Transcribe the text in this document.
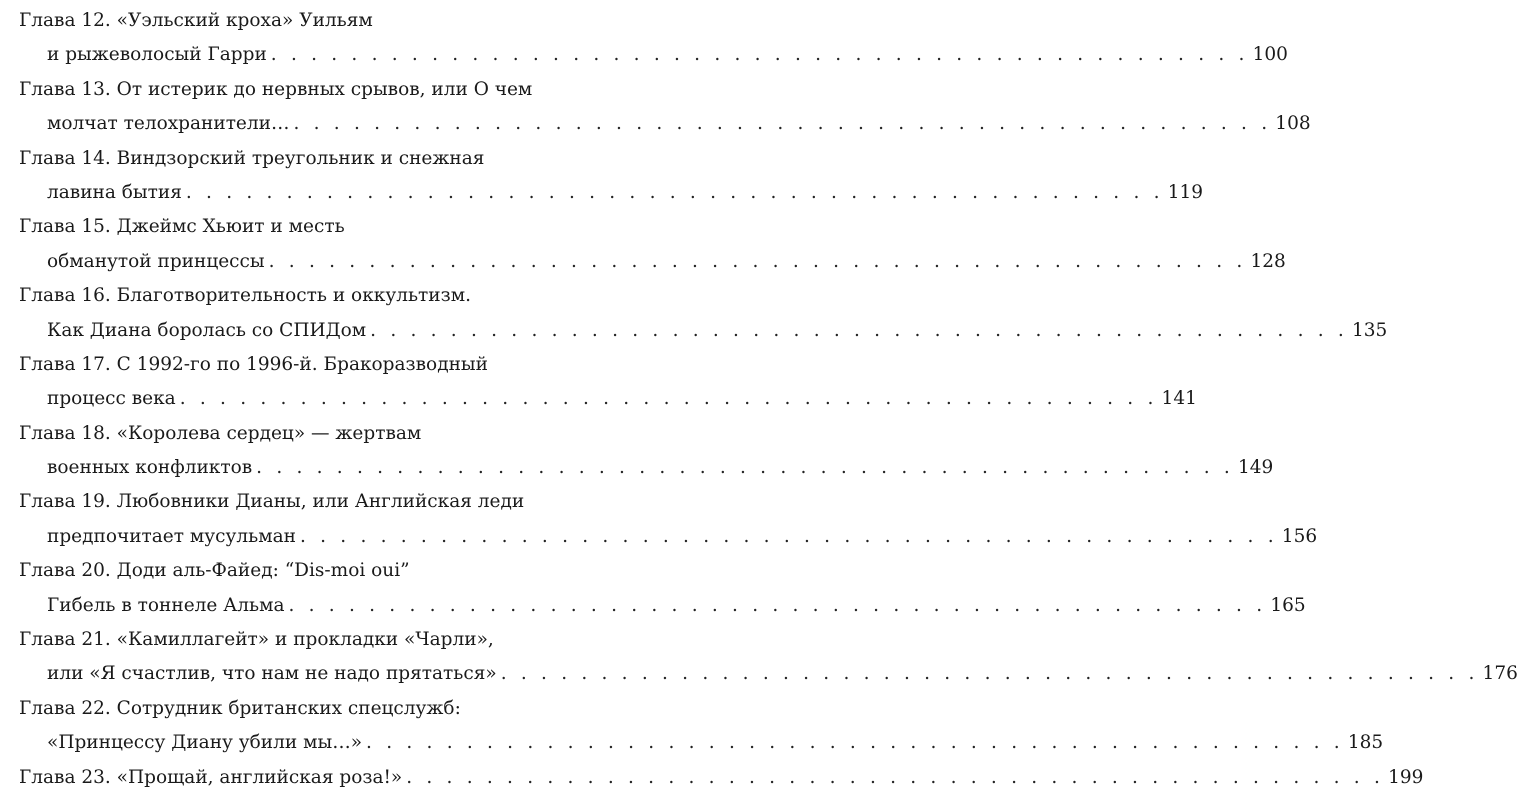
Глава 12. «Уэльский кроха» Уильям
и рыжеволосый Гарри . . . . . . . . . . . . . . . . . . . . . . . . . . . . . . . . . . . . . . . . . . . . . . . . . 100
Глава 13. От истерик до нервных срывов, или О чем
молчат телохранители… . . . . . . . . . . . . . . . . . . . . . . . . . . . . . . . . . . . . . . . . . . . . . . . . . 108
Глава 14. Виндзорский треугольник и снежная
лавина бытия . . . . . . . . . . . . . . . . . . . . . . . . . . . . . . . . . . . . . . . . . . . . . . . . . 119
Глава 15. Джеймс Хьюит и месть
обманутой принцессы . . . . . . . . . . . . . . . . . . . . . . . . . . . . . . . . . . . . . . . . . . . . . . . . . 128
Глава 16. Благотворительность и оккультизм.
Как Диана боролась со СПИДом . . . . . . . . . . . . . . . . . . . . . . . . . . . . . . . . . . . . . . . . . . . . . . . . . 135
Глава 17. С 1992-го по 1996-й. Бракоразводный
процесс века . . . . . . . . . . . . . . . . . . . . . . . . . . . . . . . . . . . . . . . . . . . . . . . . . 141
Глава 18. «Королева сердец» — жертвам
военных конфликтов . . . . . . . . . . . . . . . . . . . . . . . . . . . . . . . . . . . . . . . . . . . . . . . . . 149
Глава 19. Любовники Дианы, или Английская леди
предпочитает мусульман . . . . . . . . . . . . . . . . . . . . . . . . . . . . . . . . . . . . . . . . . . . . . . . . . 156
Глава 20. Доди аль-Файед: “Dis-moi oui”
Гибель в тоннеле Альма . . . . . . . . . . . . . . . . . . . . . . . . . . . . . . . . . . . . . . . . . . . . . . . . . 165
Глава 21. «Камиллагейт» и прокладки «Чарли»,
или «Я счастлив, что нам не надо прятаться» . . . . . . . . . . . . . . . . . . . . . . . . . . . . . . . . . . . . . . . . . . . . . . . . . 176
Глава 22. Сотрудник британских спецслужб:
«Принцессу Диану убили мы…» . . . . . . . . . . . . . . . . . . . . . . . . . . . . . . . . . . . . . . . . . . . . . . . . . 185
Глава 23. «Прощай, английская роза!» . . . . . . . . . . . . . . . . . . . . . . . . . . . . . . . . . . . . . . . . . . . . . . . . . 199
